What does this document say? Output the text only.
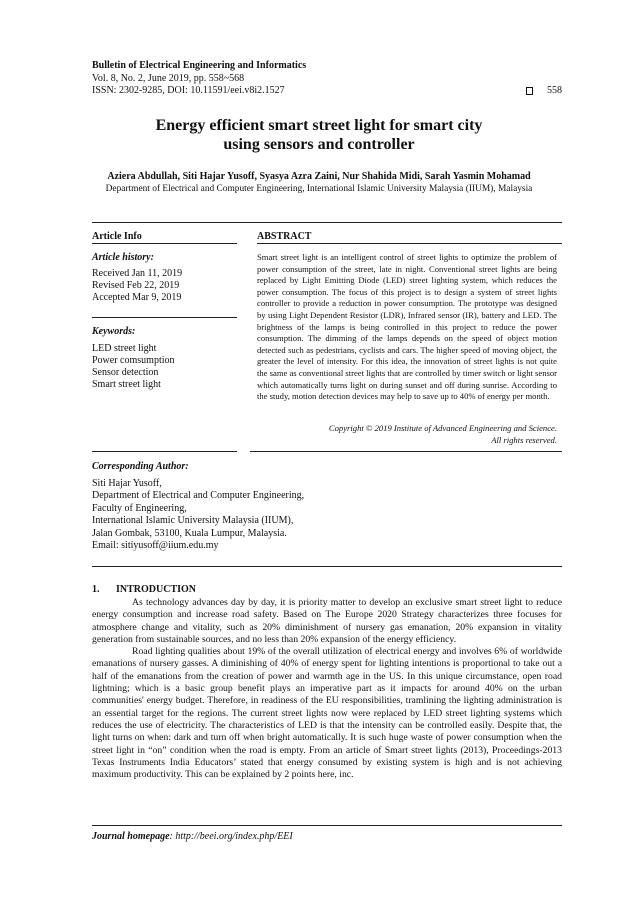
Bulletin of Electrical Engineering and Informatics
Vol. 8, No. 2, June 2019, pp. 558~568
ISSN: 2302-9285, DOI: 10.11591/eei.v8i2.1527	558
Energy efficient smart street light for smart city
using sensors and controller
Aziera Abdullah, Siti Hajar Yusoff, Syasya Azra Zaini, Nur Shahida Midi, Sarah Yasmin Mohamad
Department of Electrical and Computer Engineering, International Islamic University Malaysia (IIUM), Malaysia
Article Info	ABSTRACT
Article history:
Received Jan 11, 2019
Revised Feb 22, 2019
Accepted Mar 9, 2019
Keywords:
LED street light
Power comsumption
Sensor detection
Smart street light

Smart street light is an intelligent control of street lights to optimize the problem of power consumption of the street, late in night. Conventional street lights are being replaced by Light Emitting Diode (LED) street lighting system, which reduces the power consumption. The focus of this project is to design a system of street lights controller to provide a reduction in power consumption. The prototype was designed by using Light Dependent Resistor (LDR), Infrared sensor (IR), battery and LED. The brightness of the lamps is being controlled in this project to reduce the power consumption. The dimming of the lamps depends on the speed of object motion detected such as pedestrians, cyclists and cars. The higher speed of moving object, the greater the level of intensity. For this idea, the innovation of street lights is not quite the same as conventional street lights that are controlled by timer switch or light sensor which automatically turns light on during sunset and off during sunrise. According to the study, motion detection devices may help to save up to 40% of energy per month.

Copyright © 2019 Institute of Advanced Engineering and Science.
All rights reserved.
Corresponding Author:
Siti Hajar Yusoff,
Department of Electrical and Computer Engineering,
Faculty of Engineering,
International Islamic University Malaysia (IIUM),
Jalan Gombak, 53100, Kuala Lumpur, Malaysia.
Email: sitiyusoff@iium.edu.my
1. INTRODUCTION

As technology advances day by day, it is priority matter to develop an exclusive smart street light to reduce energy consumption and increase road safety. Based on The Europe 2020 Strategy characterizes three focuses for atmosphere change and vitality, such as 20% diminishment of nursery gas emanation, 20% expansion in vitality generation from sustainable sources, and no less than 20% expansion of the energy efficiency.

Road lighting qualities about 19% of the overall utilization of electrical energy and involves 6% of worldwide emanations of nursery gasses. A diminishing of 40% of energy spent for lighting intentions is proportional to take out a half of the emanations from the creation of power and warmth age in the US. In this unique circumstance, open road lightning; which is a basic group benefit plays an imperative part as it impacts for around 40% on the urban communities' energy budget. Therefore, in readiness of the EU responsibilities, tramlining the lighting administration is an essential target for the regions. The current street lights now were replaced by LED street lighting systems which reduces the use of electricity. The characteristics of LED is that the intensity can be controlled easily. Despite that, the light turns on when: dark and turn off when bright automatically. It is such huge waste of power consumption when the street light in “on” condition when the road is empty. From an article of Smart street lights (2013), Proceedings-2013 Texas Instruments India Educators’ stated that energy consumed by existing system is high and is not achieving maximum productivity. This can be explained by 2 points here, inc.

Journal homepage: http://beei.org/index.php/EEI
